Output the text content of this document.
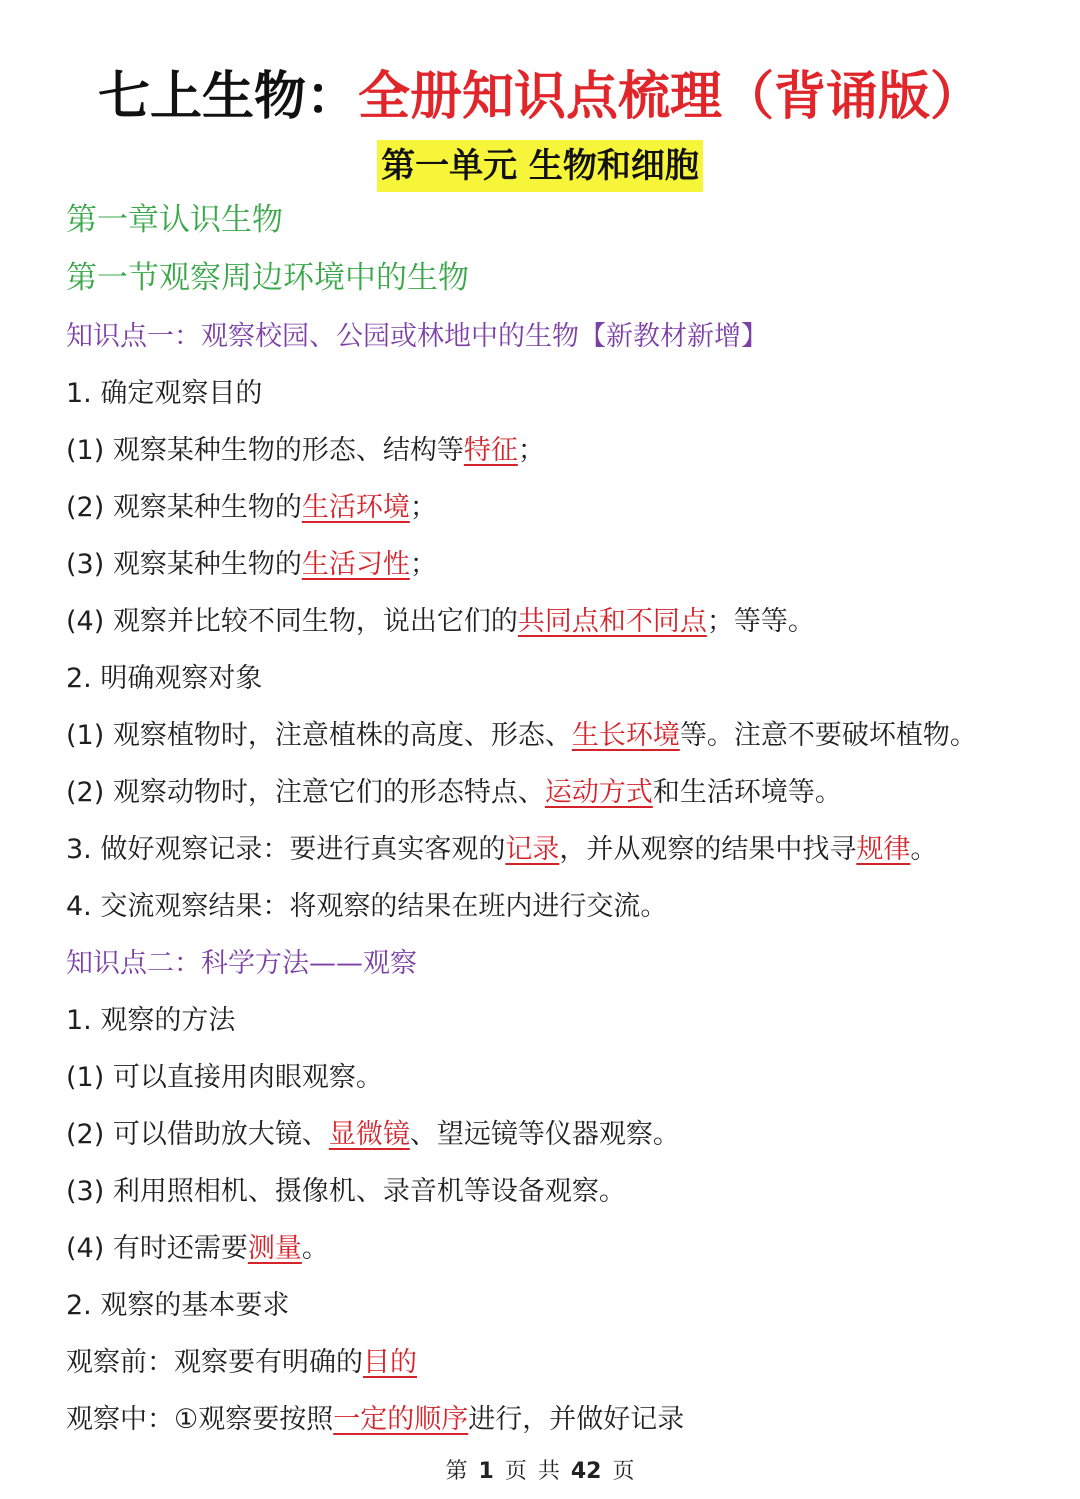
七上生物：全册知识点梳理（背诵版）
第一单元 生物和细胞
第一章认识生物
第一节观察周边环境中的生物
知识点一：观察校园、公园或林地中的生物【新教材新增】
1. 确定观察目的
(1) 观察某种生物的形态、结构等特征；
(2) 观察某种生物的生活环境；
(3) 观察某种生物的生活习性；
(4) 观察并比较不同生物，说出它们的共同点和不同点；等等。
2. 明确观察对象
(1) 观察植物时，注意植株的高度、形态、生长环境等。注意不要破坏植物。
(2) 观察动物时，注意它们的形态特点、运动方式和生活环境等。
3. 做好观察记录：要进行真实客观的记录，并从观察的结果中找寻规律。
4. 交流观察结果：将观察的结果在班内进行交流。
知识点二：科学方法——观察
1. 观察的方法
(1) 可以直接用肉眼观察。
(2) 可以借助放大镜、显微镜、望远镜等仪器观察。
(3) 利用照相机、摄像机、录音机等设备观察。
(4) 有时还需要测量。
2. 观察的基本要求
观察前：观察要有明确的目的
观察中：①观察要按照一定的顺序进行，并做好记录
第 1 页 共 42 页
